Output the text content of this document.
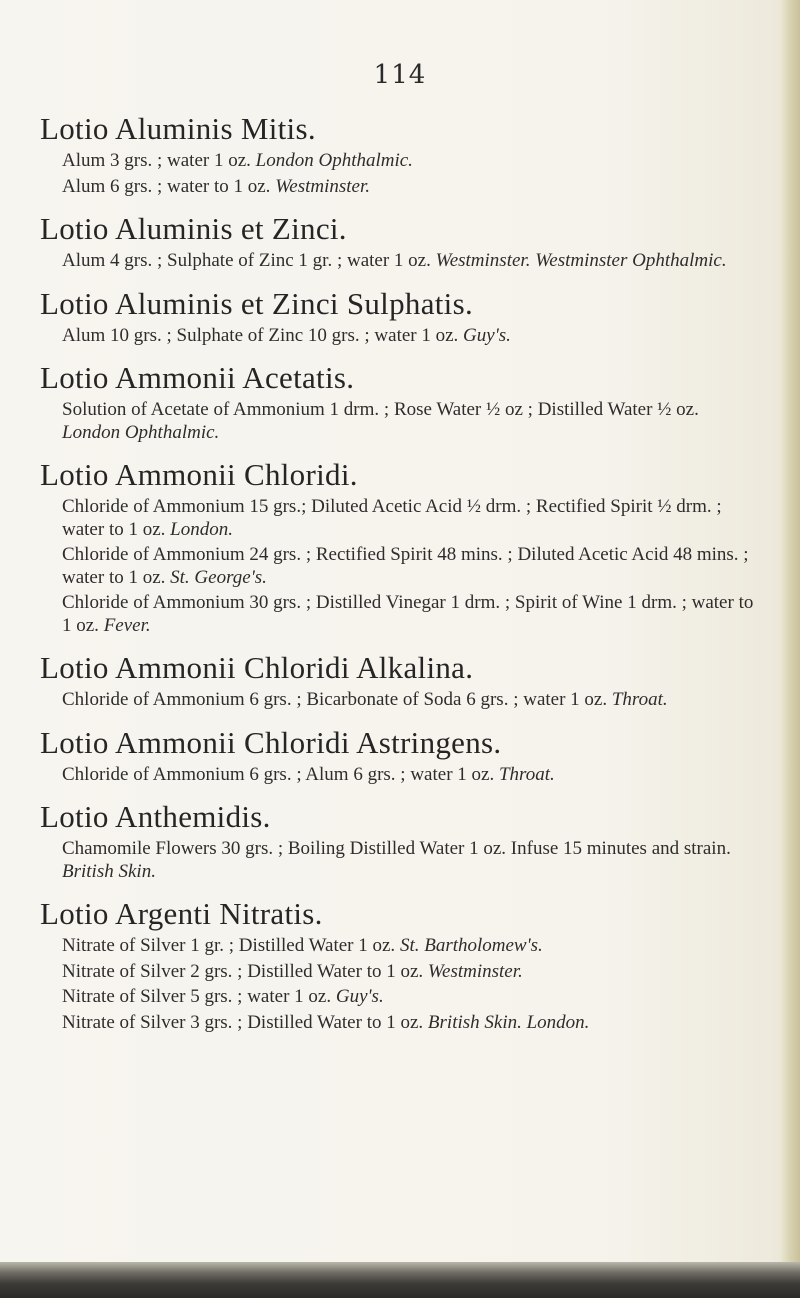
114
Lotio Aluminis Mitis.

Alum 3 grs. ; water 1 oz. London Ophthalmic.

Alum 6 grs. ; water to 1 oz. Westminster.

Lotio Aluminis et Zinci.

Alum 4 grs. ; Sulphate of Zinc 1 gr. ; water 1 oz. Westminster. Westminster Ophthalmic.

Lotio Aluminis et Zinci Sulphatis.

Alum 10 grs. ; Sulphate of Zinc 10 grs. ; water 1 oz. Guy's.

Lotio Ammonii Acetatis.

Solution of Acetate of Ammonium 1 drm. ; Rose Water ½ oz ; Distilled Water ½ oz. London Ophthalmic.

Lotio Ammonii Chloridi.

Chloride of Ammonium 15 grs.; Diluted Acetic Acid ½ drm. ; Rectified Spirit ½ drm. ; water to 1 oz. London.

Chloride of Ammonium 24 grs. ; Rectified Spirit 48 mins. ; Diluted Acetic Acid 48 mins. ; water to 1 oz. St. George's.

Chloride of Ammonium 30 grs. ; Distilled Vinegar 1 drm. ; Spirit of Wine 1 drm. ; water to 1 oz. Fever.

Lotio Ammonii Chloridi Alkalina.

Chloride of Ammonium 6 grs. ; Bicarbonate of Soda 6 grs. ; water 1 oz. Throat.

Lotio Ammonii Chloridi Astringens.

Chloride of Ammonium 6 grs. ; Alum 6 grs. ; water 1 oz. Throat.

Lotio Anthemidis.

Chamomile Flowers 30 grs. ; Boiling Distilled Water 1 oz. Infuse 15 minutes and strain. British Skin.

Lotio Argenti Nitratis.

Nitrate of Silver 1 gr. ; Distilled Water 1 oz. St. Bartholomew's.

Nitrate of Silver 2 grs. ; Distilled Water to 1 oz. Westminster.

Nitrate of Silver 5 grs. ; water 1 oz. Guy's.

Nitrate of Silver 3 grs. ; Distilled Water to 1 oz. British Skin. London.
